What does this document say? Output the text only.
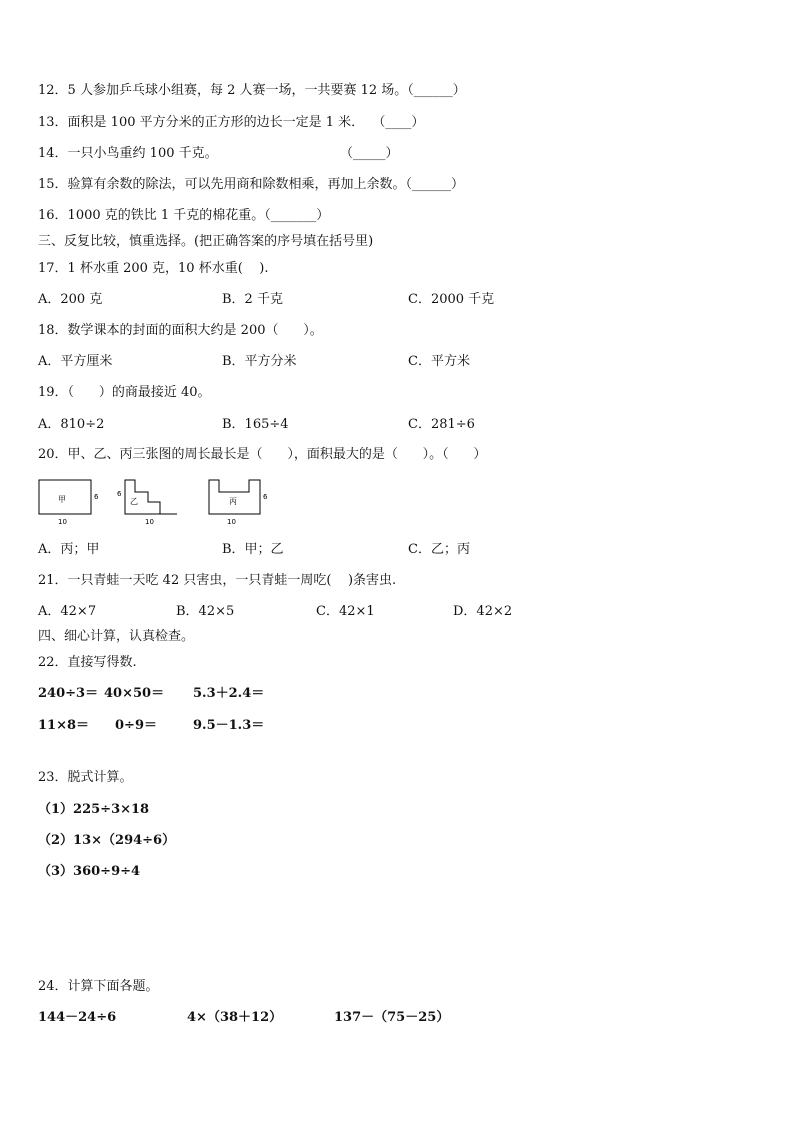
12．5 人参加乒乓球小组赛，每 2 人赛一场，一共要赛 12 场。（______）
13．面积是 100 平方分米的正方形的边长一定是 1 米．  （____）
14．一只小鸟重约 100 千克。	（_____）
15．验算有余数的除法，可以先用商和除数相乘，再加上余数。（______）
16．1000 克的铁比 1 千克的棉花重。（_______）
三、反复比较，慎重选择。(把正确答案的序号填在括号里)
17．1 杯水重 200 克，10 杯水重(    ).
A．200 克	B．2 千克	C．2000 千克
18．数学课本的封面的面积大约是 200（      ）。
A．平方厘米	B．平方分米	C．平方米
19．（      ）的商最接近 40。
A．810÷2	B．165÷4	C．281÷6
20．甲、乙、丙三张图的周长最长是（      ），面积最大的是（      ）。（      ）
甲	6
10
乙
6
10
丙	6
10
A．丙；甲	B．甲；乙	C．乙；丙
21．一只青蛙一天吃 42 只害虫，一只青蛙一周吃(    )条害虫.
A．42×7	B．42×5	C．42×1	D．42×2
四、细心计算，认真检查。
22．直接写得数.
240÷3＝ 40×50＝ 5.3＋2.4＝
11×8＝ 0÷9＝	9.5－1.3＝
23．脱式计算。
（1）225÷3×18
（2）13×（294÷6）
（3）360÷9÷4
24．计算下面各题。
144－24÷6	4×（38＋12）	137－（75－25）
